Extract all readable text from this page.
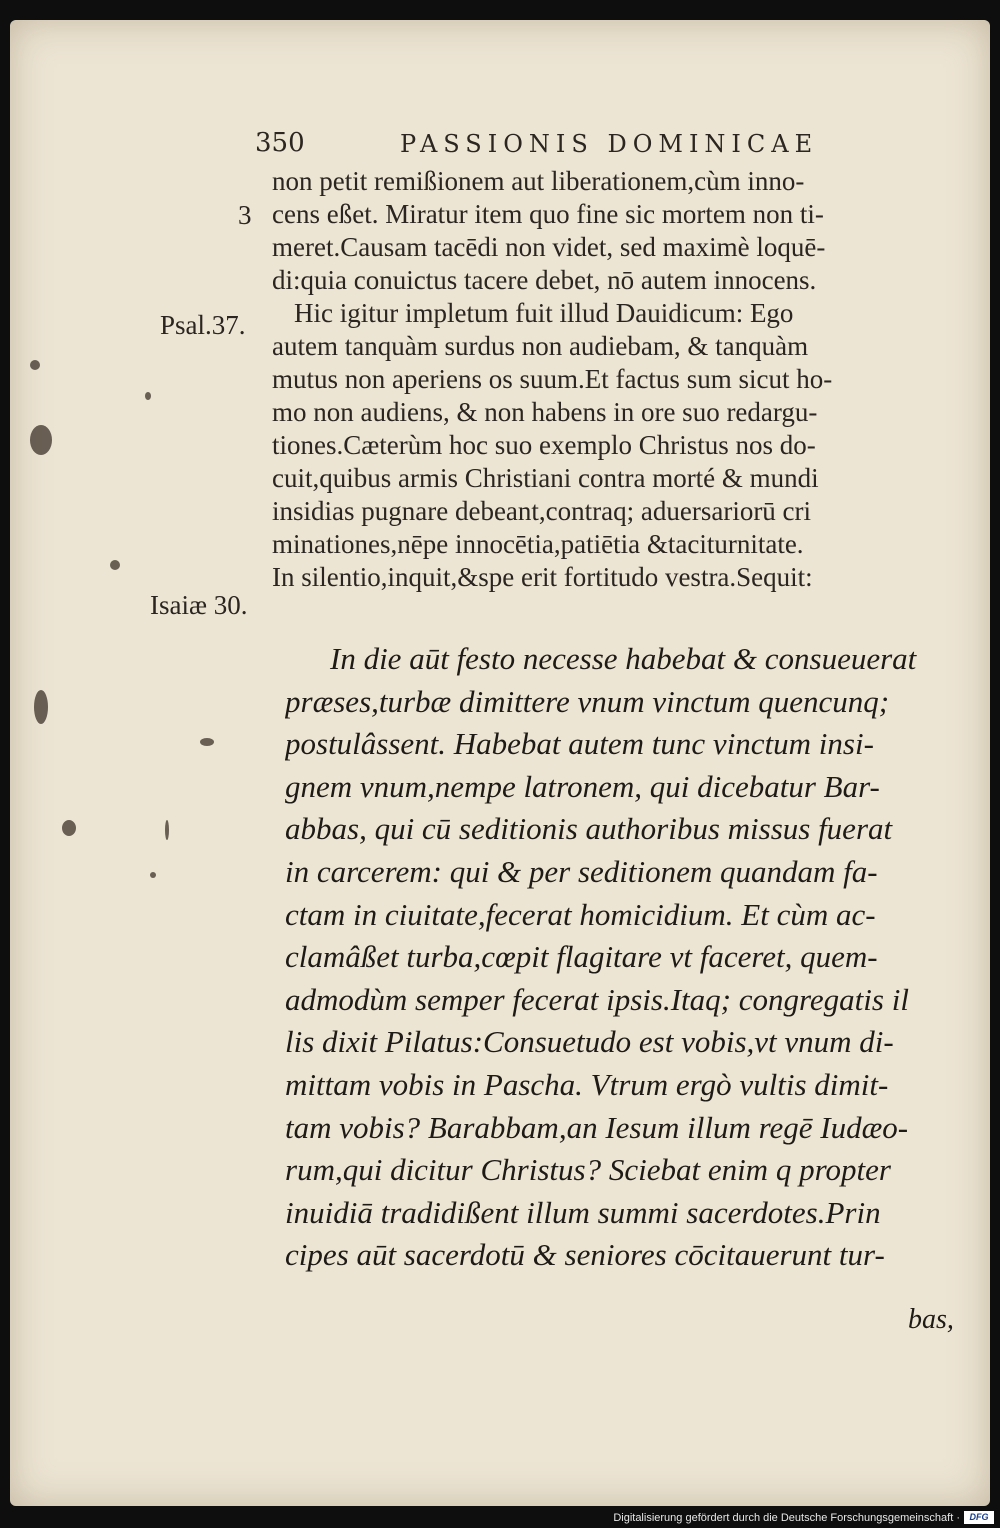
350	PASSIONIS DOMINICAE
3
Psal.37.
Isaiæ 30.
non petit remißionem aut liberationem,cùm inno-
cens eßet. Miratur item quo fine sic mortem non ti-
meret.Causam tacēdi non videt, sed maximè loquē-
di:quia conuictus tacere debet, nō autem innocens.
Hic igitur impletum fuit illud Dauidicum: Ego
autem tanquàm surdus non audiebam, & tanquàm
mutus non aperiens os suum.Et factus sum sicut ho-
mo non audiens, & non habens in ore suo redargu-
tiones.Cæterùm hoc suo exemplo Christus nos do-
cuit,quibus armis Christiani contra morté & mundi
insidias pugnare debeant,contraq; aduersariorū cri
minationes,nēpe innocētia,patiētia &taciturnitate.
In silentio,inquit,&spe erit fortitudo vestra.Sequit:
In die aūt festo necesse habebat & consueuerat
præses,turbæ dimittere vnum vinctum quencunq;
postulâssent. Habebat autem tunc vinctum insi-
gnem vnum,nempe latronem, qui dicebatur Bar-
abbas, qui cū seditionis authoribus missus fuerat
in carcerem: qui & per seditionem quandam fa-
ctam in ciuitate,fecerat homicidium. Et cùm ac-
clamâßet turba,cœpit flagitare vt faceret, quem-
admodùm semper fecerat ipsis.Itaq; congregatis il
lis dixit Pilatus:Consuetudo est vobis,vt vnum di-
mittam vobis in Pascha. Vtrum ergò vultis dimit-
tam vobis? Barabbam,an Iesum illum regē Iudæo-
rum,qui dicitur Christus? Sciebat enim q propter
inuidiā tradidißent illum summi sacerdotes.Prin
cipes aūt sacerdotū & seniores cōcitauerunt tur-
bas,
Digitalisierung gefördert durch die Deutsche Forschungsgemeinschaft ·	DFG
